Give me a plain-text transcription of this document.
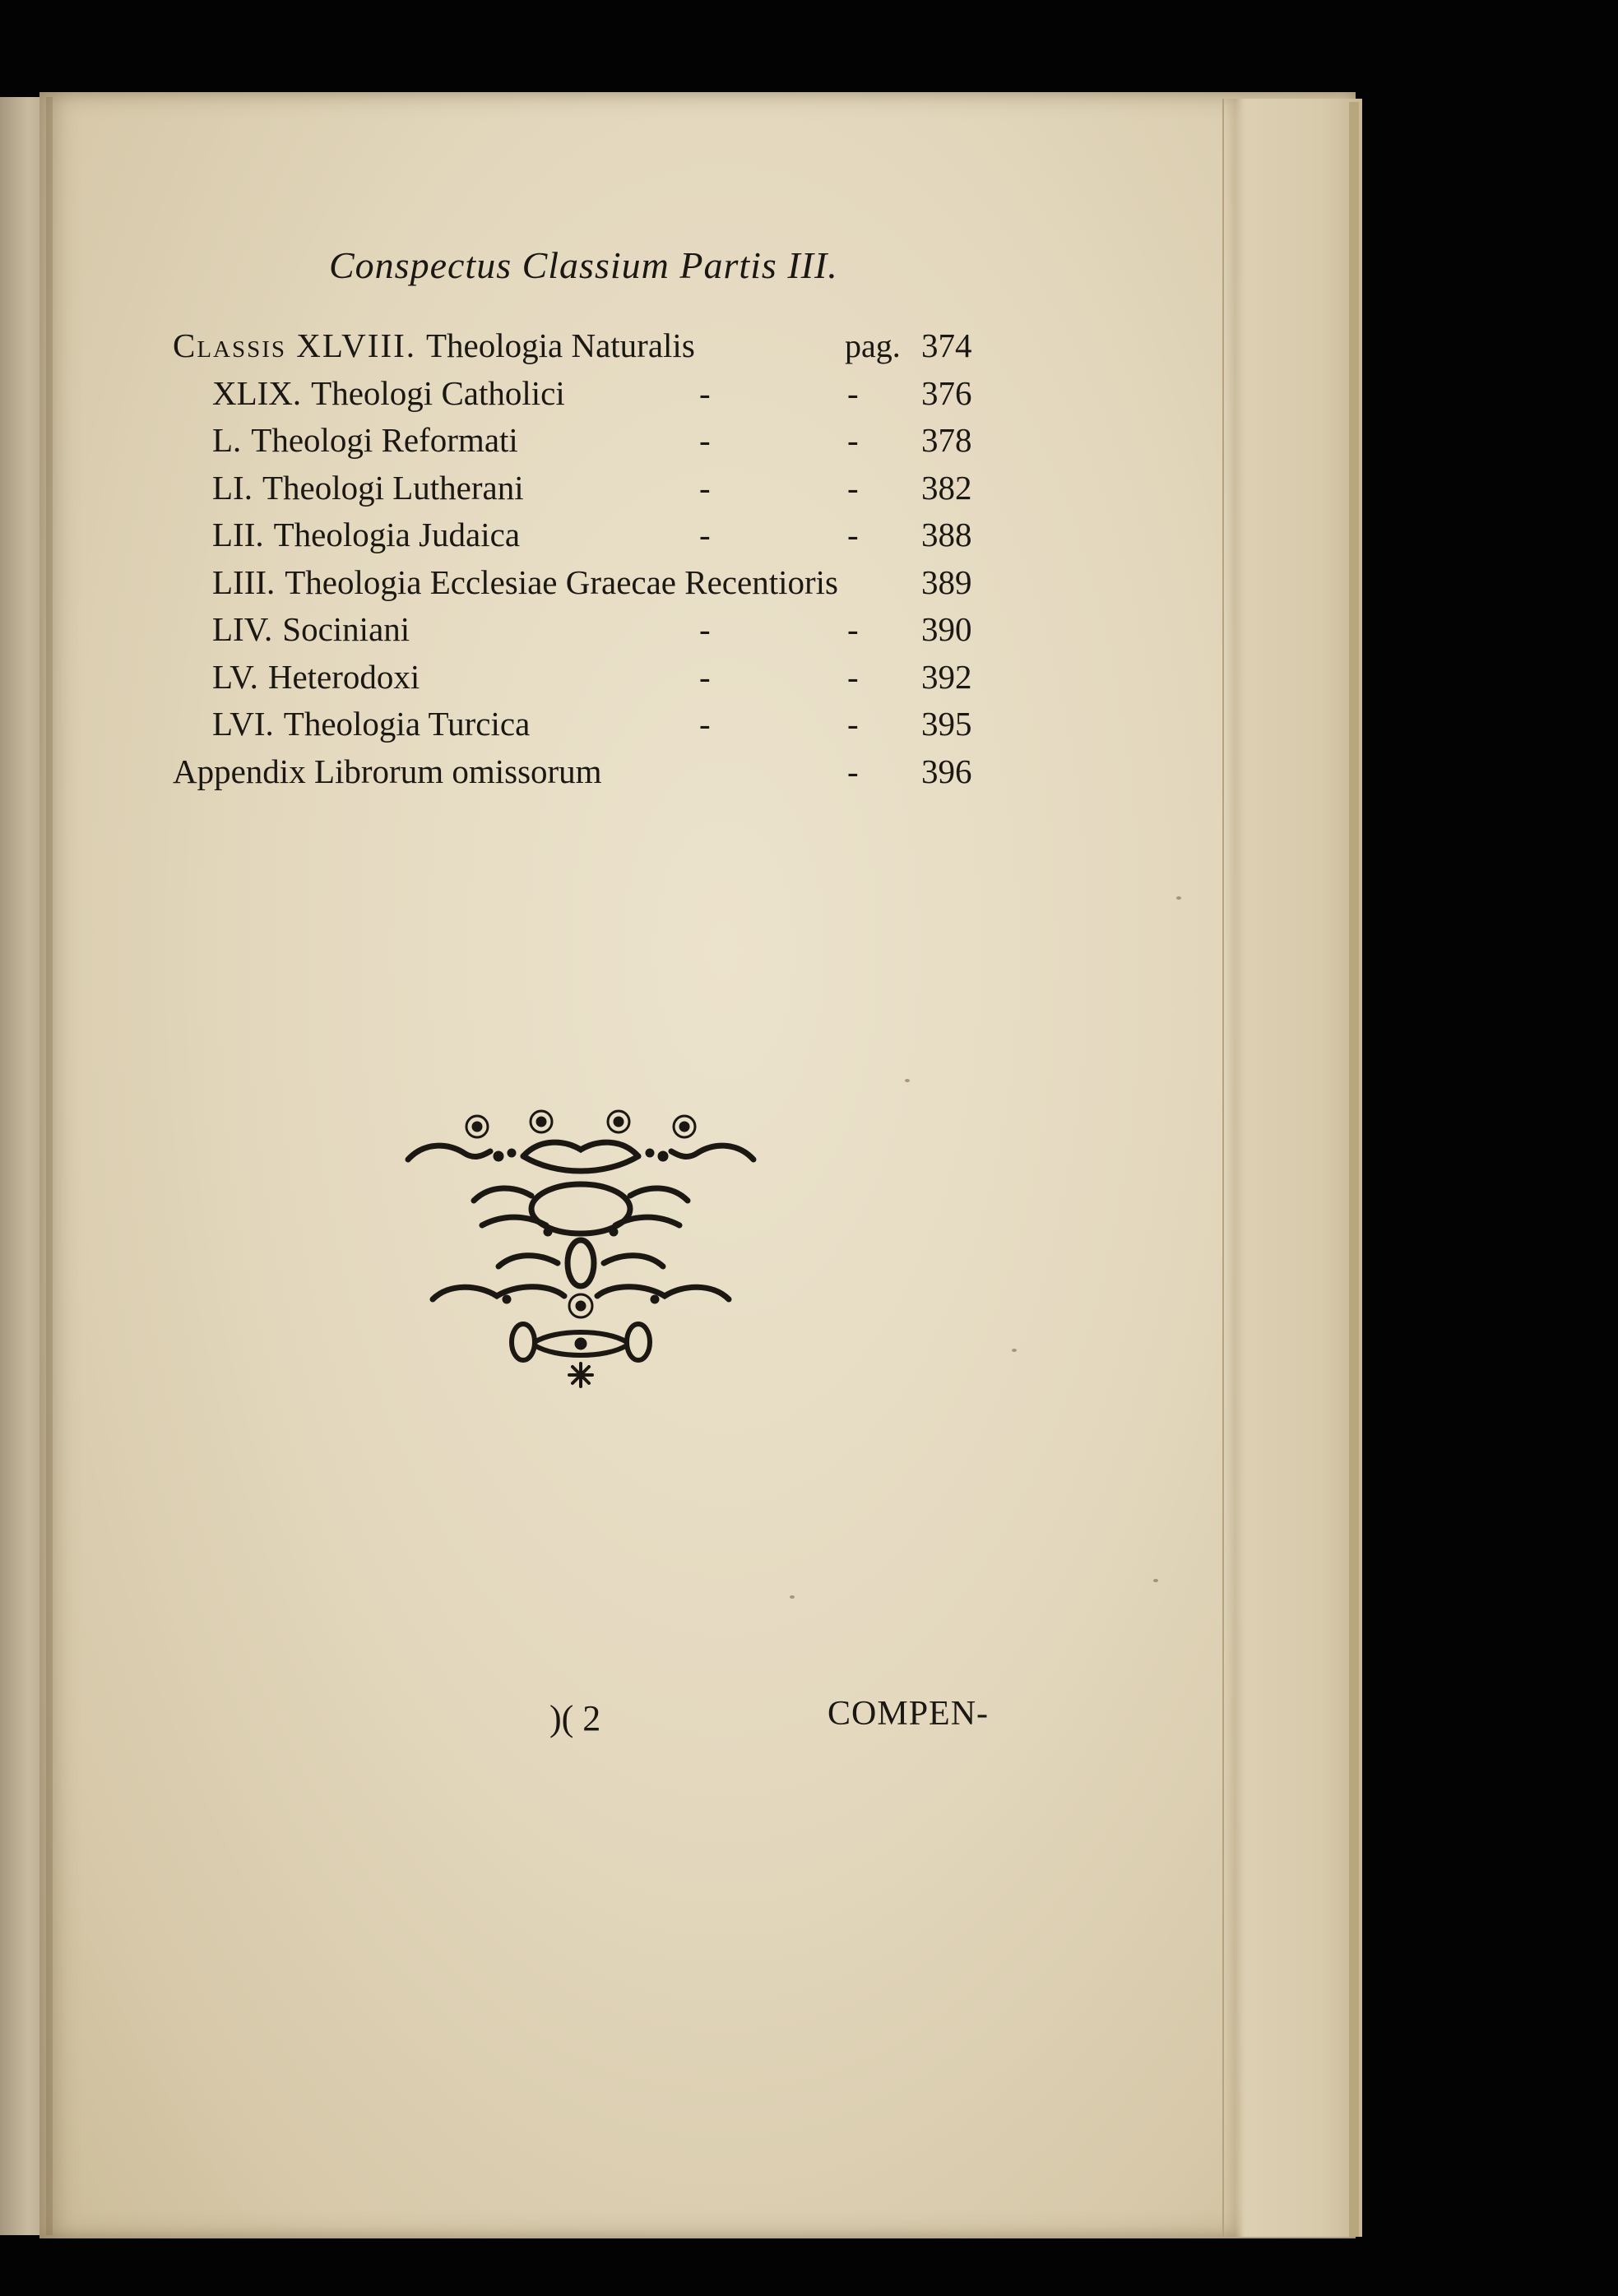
Conspectus Classium Partis III.
Classis XLVIII. Theologia Naturalis	pag. 374
XLIX. Theologi Catholici	-	- 376
L. Theologi Reformati	-	- 378
LI. Theologi Lutherani	-	- 382
LII. Theologia Judaica	-	- 388
LIII. Theologia Ecclesiae Graecae Recentioris 389
LIV. Sociniani	-	- 390
LV. Heterodoxi	-	- 392
LVI. Theologia Turcica	-	- 395
Appendix Librorum omissorum	- 396
)( 2	COMPEN-
